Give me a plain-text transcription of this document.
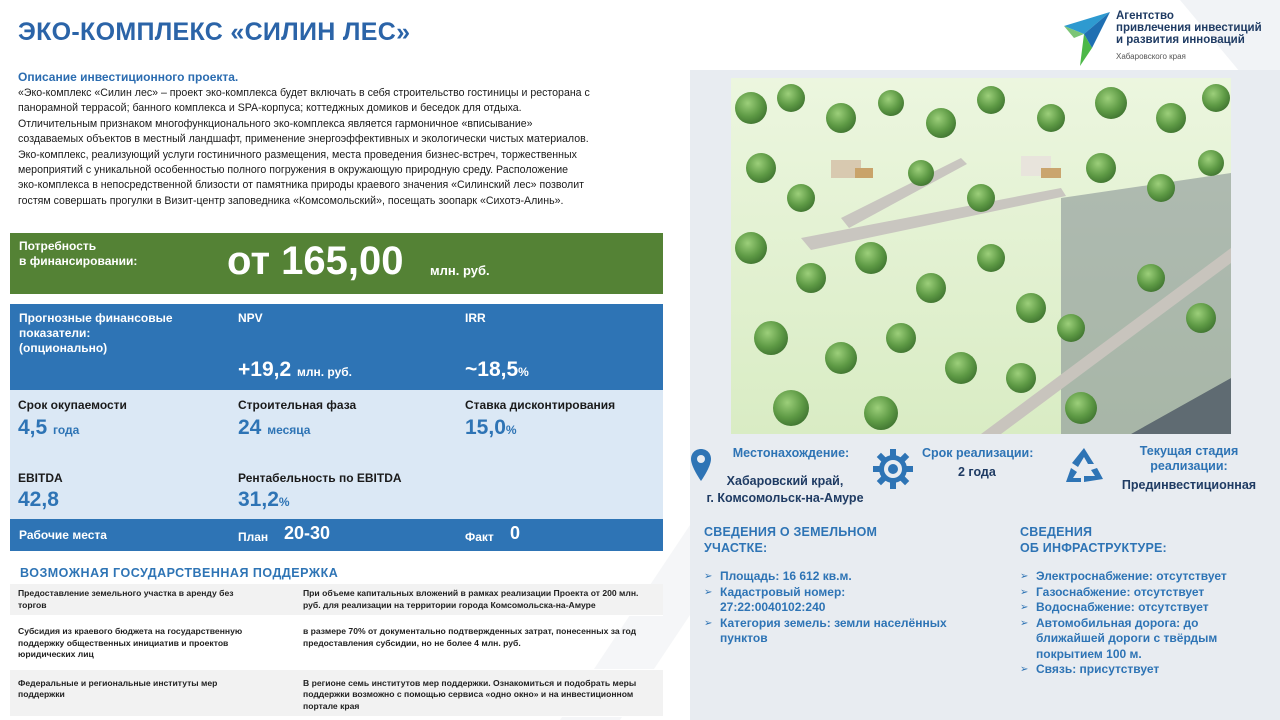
ЭКО-КОМПЛЕКС «СИЛИН ЛЕС»
Агентство
привлечения инвестиций
и развития инноваций
Хабаровского края
Описание инвестиционного проекта.
«Эко-комплекс «Силин лес» – проект эко-комплекса будет включать в себя строительство гостиницы и ресторана с
панорамной террасой; банного комплекса и SPA-корпуса; коттеджных домиков и беседок для отдыха.
Отличительным признаком многофункционального эко-комплекса является гармоничное «вписывание»
создаваемых объектов в местный ландшафт, применение энергоэффективных и экологически чистых материалов.
Эко-комплекс, реализующий услуги гостиничного размещения, места проведения бизнес-встреч, торжественных
мероприятий с уникальной особенностью полного погружения в окружающую природную среду. Расположение
эко-комплекса в непосредственной близости от памятника природы краевого значения «Силинский лес» позволит
гостям совершать прогулки в Визит-центр заповедника «Комсомольский», посещать зоопарк «Сихотэ-Алинь».
Потребность
в финансировании: от 165,00 млн. руб.
Прогнозные финансовые
показатели:
(опционально)
NPV
+19,2 млн. руб.
IRR
~18,5%
Срок окупаемости
4,5 года
Строительная фаза
24 месяца
Ставка дисконтирования
15,0%
EBITDA
42,8
Рентабельность по EBITDA
31,2%
Рабочие места	План 20-30	Факт 0
ВОЗМОЖНАЯ ГОСУДАРСТВЕННАЯ ПОДДЕРЖКА
Предоставление земельного участка в аренду без
торгов
При объеме капитальных вложений в рамках реализации Проекта от 200 млн.
руб. для реализации на территории города Комсомольска-на-Амуре
Субсидия из краевого бюджета на государственную
поддержку общественных инициатив и проектов
юридических лиц
в размере 70% от документально подтвержденных затрат, понесенных за год
предоставления субсидии, но не более 4 млн. руб.
Федеральные и региональные институты мер
поддержки
В регионе семь институтов мер поддержки. Ознакомиться и подобрать меры
поддержки возможно с помощью сервиса «одно окно» и на инвестиционном
портале края
Местонахождение:
Хабаровский край,
г. Комсомольск-на-Амуре
Срок реализации:
2 года
Текущая стадия
реализации:
Прединвестиционная
СВЕДЕНИЯ О ЗЕМЕЛЬНОМ
УЧАСТКЕ:
➢ Площадь: 16 612 кв.м.
➢ Кадастровый номер:
27:22:0040102:240
➢ Категория земель: земли населённых
пунктов
СВЕДЕНИЯ
ОБ ИНФРАСТРУКТУРЕ:
➢ Электроснабжение: отсутствует
➢ Газоснабжение: отсутствует
➢ Водоснабжение: отсутствует
➢ Автомобильная дорога: до
ближайшей дороги с твёрдым
покрытием 100 м.
➢ Связь: присутствует
